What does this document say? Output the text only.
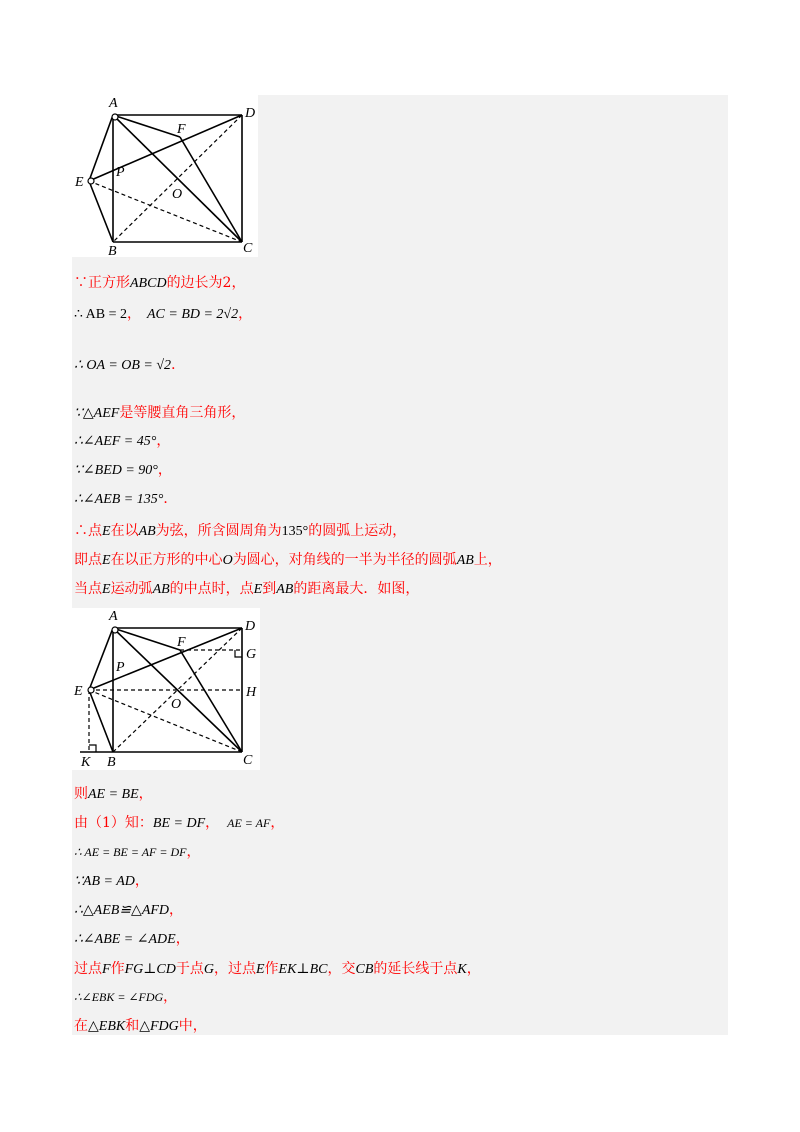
A
D
E
F
P
O
B	C
A
D
E
F
P
O
B	C
G
H
K
∵正方形ABCD的边长为2，
∴ AB = 2， AC = BD = 2√2，
∴ OA = OB = √2．
∵△AEF是等腰直角三角形，
∴∠AEF = 45°，
∵∠BED = 90°，
∴∠AEB = 135°．
∴点E在以AB为弦，所含圆周角为135°的圆弧上运动，
即点E在以正方形的中心O为圆心，对角线的一半为半径的圆弧AB上，
当点E运动弧AB的中点时，点E到AB的距离最大．如图，
则AE = BE，
由（1）知：BE = DF， AE = AF，
∴ AE = BE = AF = DF，
∵AB = AD，
∴△AEB≌△AFD，
∴∠ABE = ∠ADE，
过点F作FG⊥CD于点G，过点E作EK⊥BC，交CB的延长线于点K，
∴∠EBK = ∠FDG，
在△EBK和△FDG中，
